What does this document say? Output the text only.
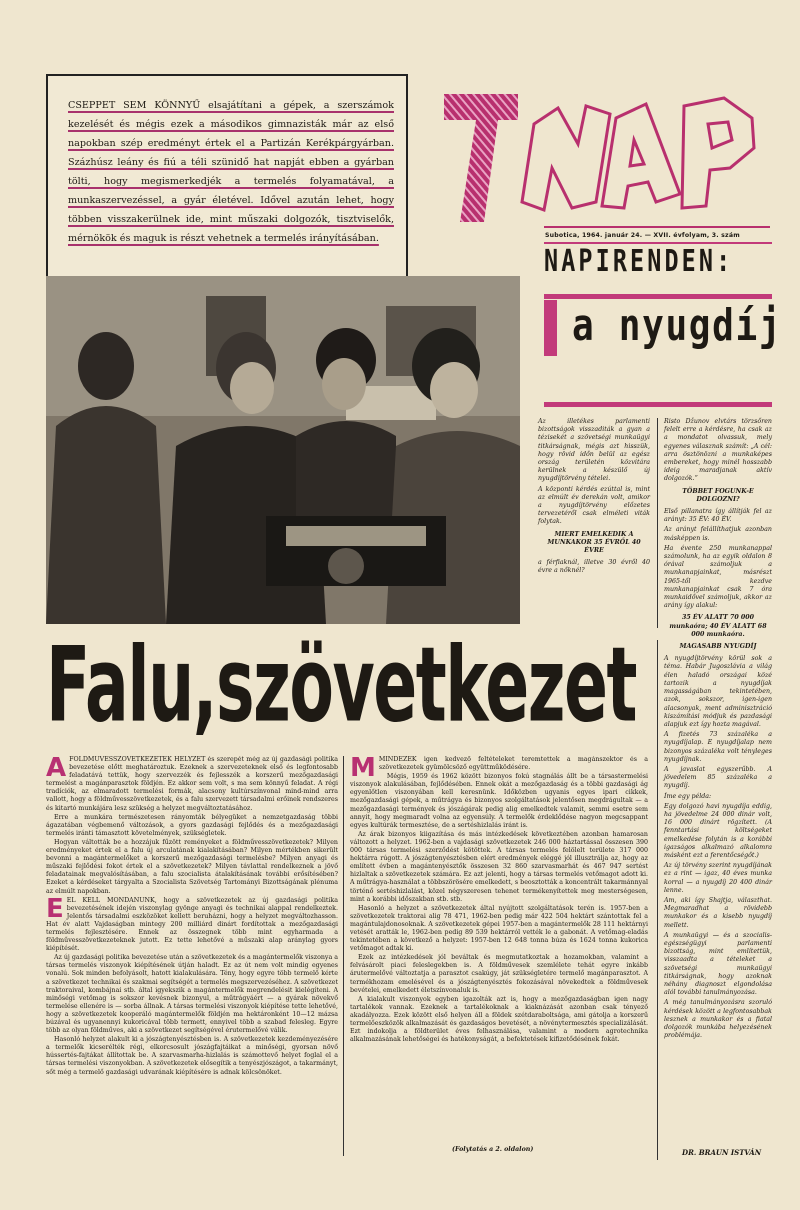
CSEPPET SEM KÖNNYŰ elsajátítani a gépek, a szerszámok kezelését és mégis ezek a másodikos gimnazisták már az első napokban szép eredményt értek el a Partizán Kerékpárgyárban. Százhúsz leány és fiú a téli szünidő hat napját ebben a gyárban tölti, hogy megismerkedjék a termelés folyamatával, a munkaszervezéssel, a gyár életével. Idővel azután lehet, hogy többen visszakerülnek ide, mint műszaki dolgozók, tisztviselők, mérnökök és maguk is részt vehetnek a termelés irányításában.	Subotica, 1964. január 24. — XVII. évfolyam, 3. szám
NAPIRENDEN:
a nyugdíj

Az illetékes parlamenti bizottságok visszaditák a gyan a tézisekét a szövetségi munkaügyi titkárságnak, mégis azt hisszük, hogy rövid időn belül az egész ország területén közvitára kerülnek a készülő új nyugdíjtörvény tételei.

A központi kérdés ezúttal is, mint az elmúlt év derekán volt, amikor a nyugdíjtörvény előzetes tervezetéről csak elméleti viták folytak.

MIERT EMELKEDIK A MUNKAKOR 35 ÉVRŐL 40 ÉVRE

a férfiaknál, illetve 30 évről 40 évre a nőknél?

Risto Džunov elvtárs törzsőren felelt erre a kérdésre, ha csak az a mondatot olvassuk, mely egyenes válasznak számít: „A cél: arra ösztönözni a munkaképes embereket, hogy minél hosszabb ideig maradjanak aktív dolgozók.”

TÖBBET FOGUNK-E DOLGOZNI?

Első pillanatra így állítják fel az arányt: 35 ÉV: 40 ÉV.

Az arányt felállíthatjuk azonban másképpen is.

Ha évente 250 munkanappal számolunk, ha az egyik oldalon 8 órával számoljuk a munkanapjainkat, másrészt 1965-től kezdve munkanapjainkat csak 7 óra munkaidővel számoljuk, akkor az arány így alakul:

35 ÉV ALATT 70 000 munkaóra; 40 ÉV ALATT 68 000 munkaóra.

MAGASABB NYUGDÍJ

A nyugdíjtörvény körül sok a téma. Habár Jugoszlávia a világ élen haladó országai közé tartozik a nyugdíjak magasságában tekintetében, azok, sokszor, igen-igen alacsonyak, ment adminisztráció kiszámítási módjuk és pazdasági alapjuk ezt így hozta magával.

A fizetés 73 százaléka a nyugdíjalap. E nyugdíjalap nem bizonyos százaléka volt tényleges nyugdíjnak.

A javaslat egyszerűbb. A jövedelem 85 százaléka a nyugdíj.

Íme egy példa:

Egy dolgozó havi nyugdíja eddig, ha jövedelme 24 000 dinár volt, 16 000 dinárt rögzített. (A fenntartási költségeket emelkedése folytán is a korábbi igazságos alkalmazó alkalomra másként ezt a ferentőcségőt.)

Az új törvény szerint nyugdíjának ez a rint — igaz, 40 éves munka korral — a nyugdíj 20 400 dinár lenne.

Am, aki így Shajtja, választhat. Megmaradhat a rövidebb munkakor és a kisebb nyugdíj mellett.

A munkaügyi — és a szocialis-egészségügyi parlamenti bizottság, mint említettük, visszaadta a tételeket a szövetségi munkaügyi titkárságnak, hogy azoknak néhány diagnoszt elgondolása alól további tanulmányozása.

A még tanulmányozásra szoruló kérdések között a legfontosabbak lesznek a munkakor és a fiatal dolgozók munkába helyezésének problémája.

DR. BRAUN ISTVÁN
Falu,szövetkezet

AFÖLDMŰVESSZÖVETKEZETEK HELYZET és szerepét még az új gazdasági politika bevezetése előtt meghatároztuk. Ezeknek a szervezeteknek első és legfontosabb feladatává tettük, hogy szervezzék és fejlesszék a korszerű mezőgazdasági termelést a magánparasztok földjén. Ez akkor sem volt, s ma sem könnyű feladat. A régi tradíciók, az elmaradott termelési formák, alacsony kultúrszínvonal mind-mind arra vallott, hogy a földművesszövetkezetek, és a falu szervezett társadalmi erőinek rendszeres és kitartó munkájára lesz szükség a helyzet megváltoztatásához.

Erre a munkára természetesen rányomták bélyegüket a nemzetgazdaság többi ágazatában végbemenő változások, a gyors gazdasági fejlődés és a mezőgazdasági termelés iránti támasztott követelmények, szükségletek.

Hogyan váltották be a hozzájuk fűzött reményeket a földművesszövetkezetek? Milyen eredményeket értek el a falu új arculatának kialakításában? Milyen mértékben sikerült bevonni a magántermelőket a korszerű mezőgazdasági termelésbe? Milyen anyagi és műszaki fejlődési fokot értek el a szövetkezetek? Milyen távlattal rendelkeznek a jövő feladatainak megvalósításában, a falu szocialista átalakításának további erősítésében? Ezeket a kérdéseket tárgyalta a Szocialista Szövetség Tartományi Bizottságának plénuma az elmúlt napokban.

EEL KELL MONDANUNK, hogy a szövetkezetek az új gazdasági politika bevezetésének idején viszonylag gyönge anyagi és technikai alappal rendelkeztek. Jelentős társadalmi eszközöket kellett beruházni, hogy a helyzet megváltozhasson. Hat év alatt Vajdaságban mintegy 200 milliárd dinárt fordítottak a mezőgazdasági termelés fejlesztésére. Ennek az összegnek több mint egyharmada a földművesszövetkezeteknek jutott. Ez tette lehetővé a műszaki alap aránylag gyors kiépítését.

Az új gazdasági politika bevezetése után a szövetkezetek és a magántermelők viszonya a társas termelés viszonyok kiépítésének útján haladt. Ez az út nem volt mindig egyenes vonalú. Sok minden befolyásolt, hatott kialakulására. Tény, hogy egyre több termelő kérte a szövetkezet technikai és szakmai segítségét a termelés megszervezéséhez. A szövetkezet traktoraival, kombájnai stb. által igyekszik a magántermelők megrendelésit kielégíteni. A minőségi vetőmag is sokszor kevésnek bizonyul, a műtrágyáért — a gyárak növekvő termelése ellenére is — sorba állnak. A társas termelési viszonyok kiépítése tette lehetővé, hogy a szövetkezetek kooperáló magántermelők földjén ma hektáronként 10—12 mázsa búzával és ugyanennyi kukoricával több termett, ennyivel több a szabad felesleg. Egyre több az olyan földműves, aki a szövetkezet segítségével érutermelővé válik.

Hasonló helyzet alakult ki a jószágtenyésztésben is. A szövetkezetek kezdeményezésére a termelők kicserélték régi, elkorcsosult jószágfajtáikat a minőségi, gyorsan növő hússertés-fajtákat állítottak be. A szarvasmarha-hizlalás is számottevő helyet foglal el a társas termelési viszonyokban. A szövetkezetek elősegítik a tenyészjószágot, a takarmányt, sőt még a termelő gazdasági udvarának kiépítésére is adnak kölcsönöket.

MMINDEZEK igen kedvező feltételeket teremtettek a magánszektor és a szövetkezetek gyümölcsöző együttműködésére.

Mégis, 1959 és 1962 között bizonyos fokú stagnálás állt be a társastermelési viszonyok alakulásában, fejlődésében. Ennek okát a mezőgazdaság és a többi gazdasági ág egyenlőtlen viszonyában kell keresnünk. Időközben ugyanis egyes ipari cikkek, mezőgazdasági gépek, a műtrágya és bizonyos szolgáltatások jelentősen megdrágultak — a mezőgazdasági termények és jószágárak pedig alig emelkedtek valamit, semmi esetre sem annyit, hogy megmaradt volna az egyensúly. A termelők érdeklődése nagyon megcsappant egyes kultúrák termesztése, de a sertéshizlalás iránt is.

Az árak bizonyos kiigazítása és más intézkedések következtében azonban hamarosan változott a helyzet. 1962-ben a vajdasági szövetkezetek 246 000 háztartással összesen 390 000 társas termelési szerződést kötöttek. A társas termelés felölelt területe 317 000 hektárra rúgott. A jószágtenyésztésben elért eredmények eléggé jól illusztrálja az, hogy az említett évben a magántenyésztők összesen 32 860 szarvasmarhát és 467 947 sertést hizlaltak a szövetkezetek számára. Ez azt jelenti, hogy a társas termelés vetőmagot adott ki. A műtrágya-használat a többszörösére emelkedett, s beosztották a koncentrált takarmánnyal történő sertéshizlalást, közel négyszeresen tehenet termékenyítettek meg mesterségesen, mint a korábbi időszakban stb. stb.

Hasonló a helyzet a szövetkezetek által nyújtott szolgáltatások terén is. 1957-ben a szövetkezetek traktorai alig 78 471, 1962-ben pedig már 422 504 hektárt szántottak fel a magántulajdonosoknak. A szövetkezetek gépei 1957-ben a magántermelők 28 111 hektárnyi vetését aratták le, 1962-ben pedig 89 539 hektárról vették le a gabonát. A vetőmag-eladás tekintetében a következő a helyzet: 1957-ben 12 648 tonna búza és 1624 tonna kukorica vetőmagot adtak ki.

Ezek az intézkedések jól beváltak és megmutatkoztak a hozamokban, valamint a felvásárolt piaci feleslegekben is. A földművesek szemlélete tehát egyre inkább árutermelővé változtatja a parasztot csakúgy, ját szükségletére termelő magánparasztot. A termékhozam emelésével és a jószágtenyésztés fokozásával növekedtek a földművesek bevételei, emelkedett életszínvonaluk is.

A kialakult viszonyok egyben igazolták azt is, hogy a mezőgazdaságban igen nagy tartalékok vannak. Ezeknek a tartalékoknak a kiaknázását azonban csak tényező akadályozza. Ezek között első helyen áll a földek szétdaraboltsága, ami gátolja a korszerű termelőeszközök alkalmazását és gazdaságos bevetését, a növénytermesztés specializálását. Ezt indokolja a földterület éves felhasználása, valamint a modern agrotechnika alkalmazásának lehetőségei és hatékonyságát, a befektetések kifizetődésének fokát.

(Folytatás a 2. oldalon)
